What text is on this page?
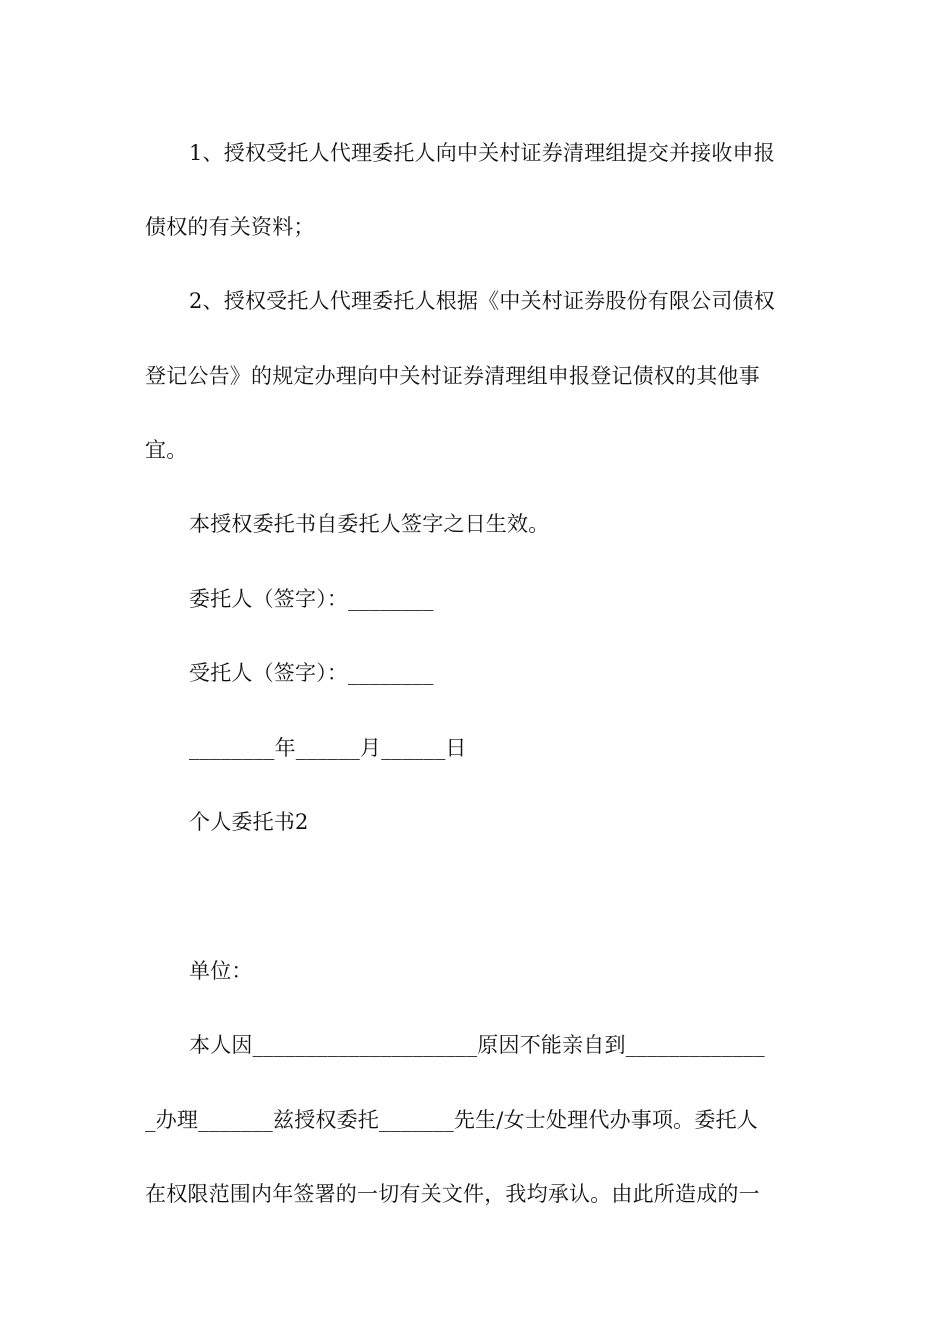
1、授权受托人代理委托人向中关村证券清理组提交并接收申报
债权的有关资料；
2、授权受托人代理委托人根据《中关村证券股份有限公司债权
登记公告》的规定办理向中关村证券清理组申报登记债权的其他事
宜。
本授权委托书自委托人签字之日生效。
委托人（签字）：________
受托人（签字）：________
________年______月______日
个人委托书2
单位：
本人因_____________________原因不能亲自到_____________
_办理_______兹授权委托_______先生/女士处理代办事项。委托人
在权限范围内年签署的一切有关文件，我均承认。由此所造成的一
